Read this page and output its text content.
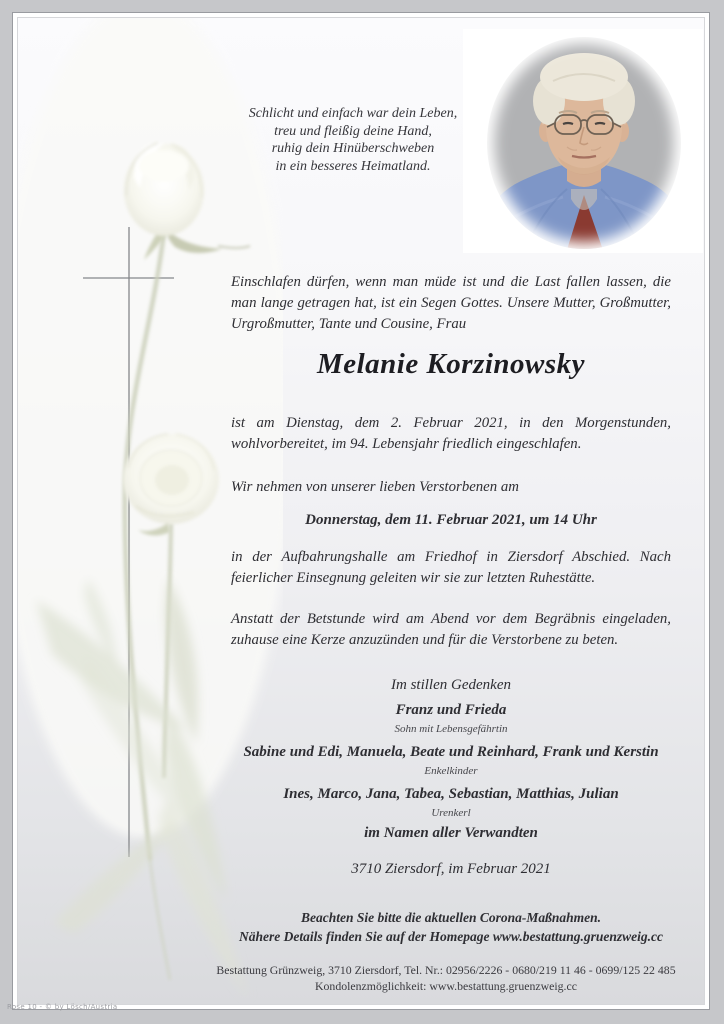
Schlicht und einfach war dein Leben,
treu und fleißig deine Hand,
ruhig dein Hinüberschweben
in ein besseres Heimatland.
Einschlafen dürfen, wenn man müde ist und die Last fallen lassen, die man lange getragen hat, ist ein Segen Gottes. Unsere Mutter, Großmutter, Urgroßmutter, Tante und Cousine, Frau
Melanie Korzinowsky
ist am Dienstag, dem 2. Februar 2021, in den Morgenstunden, wohlvorbereitet, im 94. Lebensjahr friedlich eingeschlafen.
Wir nehmen von unserer lieben Verstorbenen am
Donnerstag, dem 11. Februar 2021, um 14 Uhr
in der Aufbahrungshalle am Friedhof in Ziersdorf Abschied. Nach feierlicher Einsegnung geleiten wir sie zur letzten Ruhestätte.
Anstatt der Betstunde wird am Abend vor dem Begräbnis eingeladen, zuhause eine Kerze anzuzünden und für die Verstorbene zu beten.
Im stillen Gedenken
Franz und Frieda
Sohn mit Lebensgefährtin
Sabine und Edi, Manuela, Beate und Reinhard, Frank und Kerstin
Enkelkinder
Ines, Marco, Jana, Tabea, Sebastian, Matthias, Julian
Urenkerl
im Namen aller Verwandten
3710 Ziersdorf, im Februar 2021
Beachten Sie bitte die aktuellen Corona-Maßnahmen.
Nähere Details finden Sie auf der Homepage www.bestattung.gruenzweig.cc
Bestattung Grünzweig, 3710 Ziersdorf, Tel. Nr.: 02956/2226 - 0680/219 11 46 - 0699/125 22 485
Kondolenzmöglichkeit: www.bestattung.gruenzweig.cc
Rose 10 - © by Lösch/Austria
